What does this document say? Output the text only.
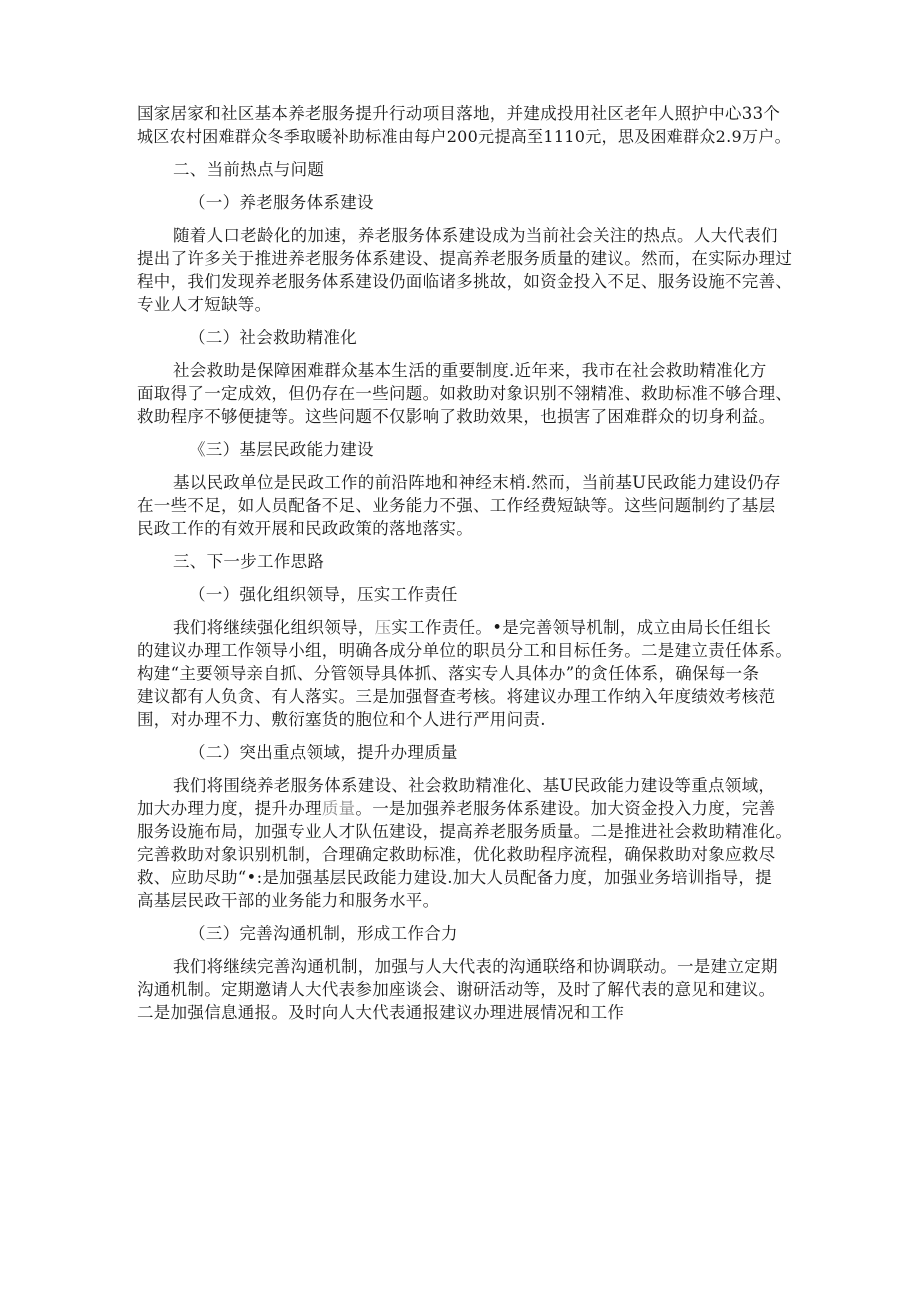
国家居家和社区基本养老服务提升行动项目落地，并建成投用社区老年人照护中心33个
城区农村困难群众冬季取暖补助标准由每户200元提高至1110元，思及困难群众2.9万户。
二、当前热点与问题
（一）养老服务体系建设
随着人口老龄化的加速，养老服务体系建设成为当前社会关注的热点。人大代表们
提出了许多关于推进养老服务体系建设、提高养老服务质量的建议。然而，在实际办理过
程中，我们发现养老服务体系建设仍面临诸多挑故，如资金投入不足、服务设施不完善、
专业人才短缺等。
（二）社会救助精准化
社会救助是保障困难群众基本生活的重要制度.近年来，我市在社会救助精准化方
面取得了一定成效，但仍存在一些问题。如救助对象识别不翎精准、救助标准不够合理、
救助程序不够便捷等。这些问题不仅影响了救助效果，也损害了困难群众的切身利益。
《三）基层民政能力建设
基以民政单位是民政工作的前沿阵地和神经末梢.然而，当前基U民政能力建设仍存
在一些不足，如人员配备不足、业务能力不强、工作经费短缺等。这些问题制约了基层
民政工作的有效开展和民政政策的落地落实。
三、下一步工作思路
（一）强化组织领导，压实工作责任
我们将继续强化组织领导，压实工作责任。•是完善领导机制，成立由局长任组长
的建议办理工作领导小组，明确各成分单位的职员分工和目标任务。二是建立责任体系。
构建“主要领导亲自抓、分管领导具体抓、落实专人具体办”的贪任体系，确保每一条
建议都有人负贪、有人落实。三是加强督查考核。将建议办理工作纳入年度绩效考核范
围，对办理不力、敷衍塞货的胞位和个人进行严用问责.
（二）突出重点领域，提升办理质量
我们将围绕养老服务体系建设、社会救助精准化、基U民政能力建设等重点领域，
加大办理力度，提升办理质量。一是加强养老服务体系建设。加大资金投入力度，完善
服务设施布局，加强专业人才队伍建设，提高养老服务质量。二是推进社会救助精准化。
完善救助对象识别机制，合理确定救助标准，优化救助程序流程，确保救助对象应救尽
救、应助尽助“•:是加强基层民政能力建设.加大人员配备力度，加强业务培训指导，提
高基层民政干部的业务能力和服务水平。
（三）完善沟通机制，形成工作合力
我们将继续完善沟通机制，加强与人大代表的沟通联络和协调联动。一是建立定期
沟通机制。定期邀请人大代表参加座谈会、谢研活动等，及时了解代表的意见和建议。
二是加强信息通报。及时向人大代表通报建议办理进展情况和工作
